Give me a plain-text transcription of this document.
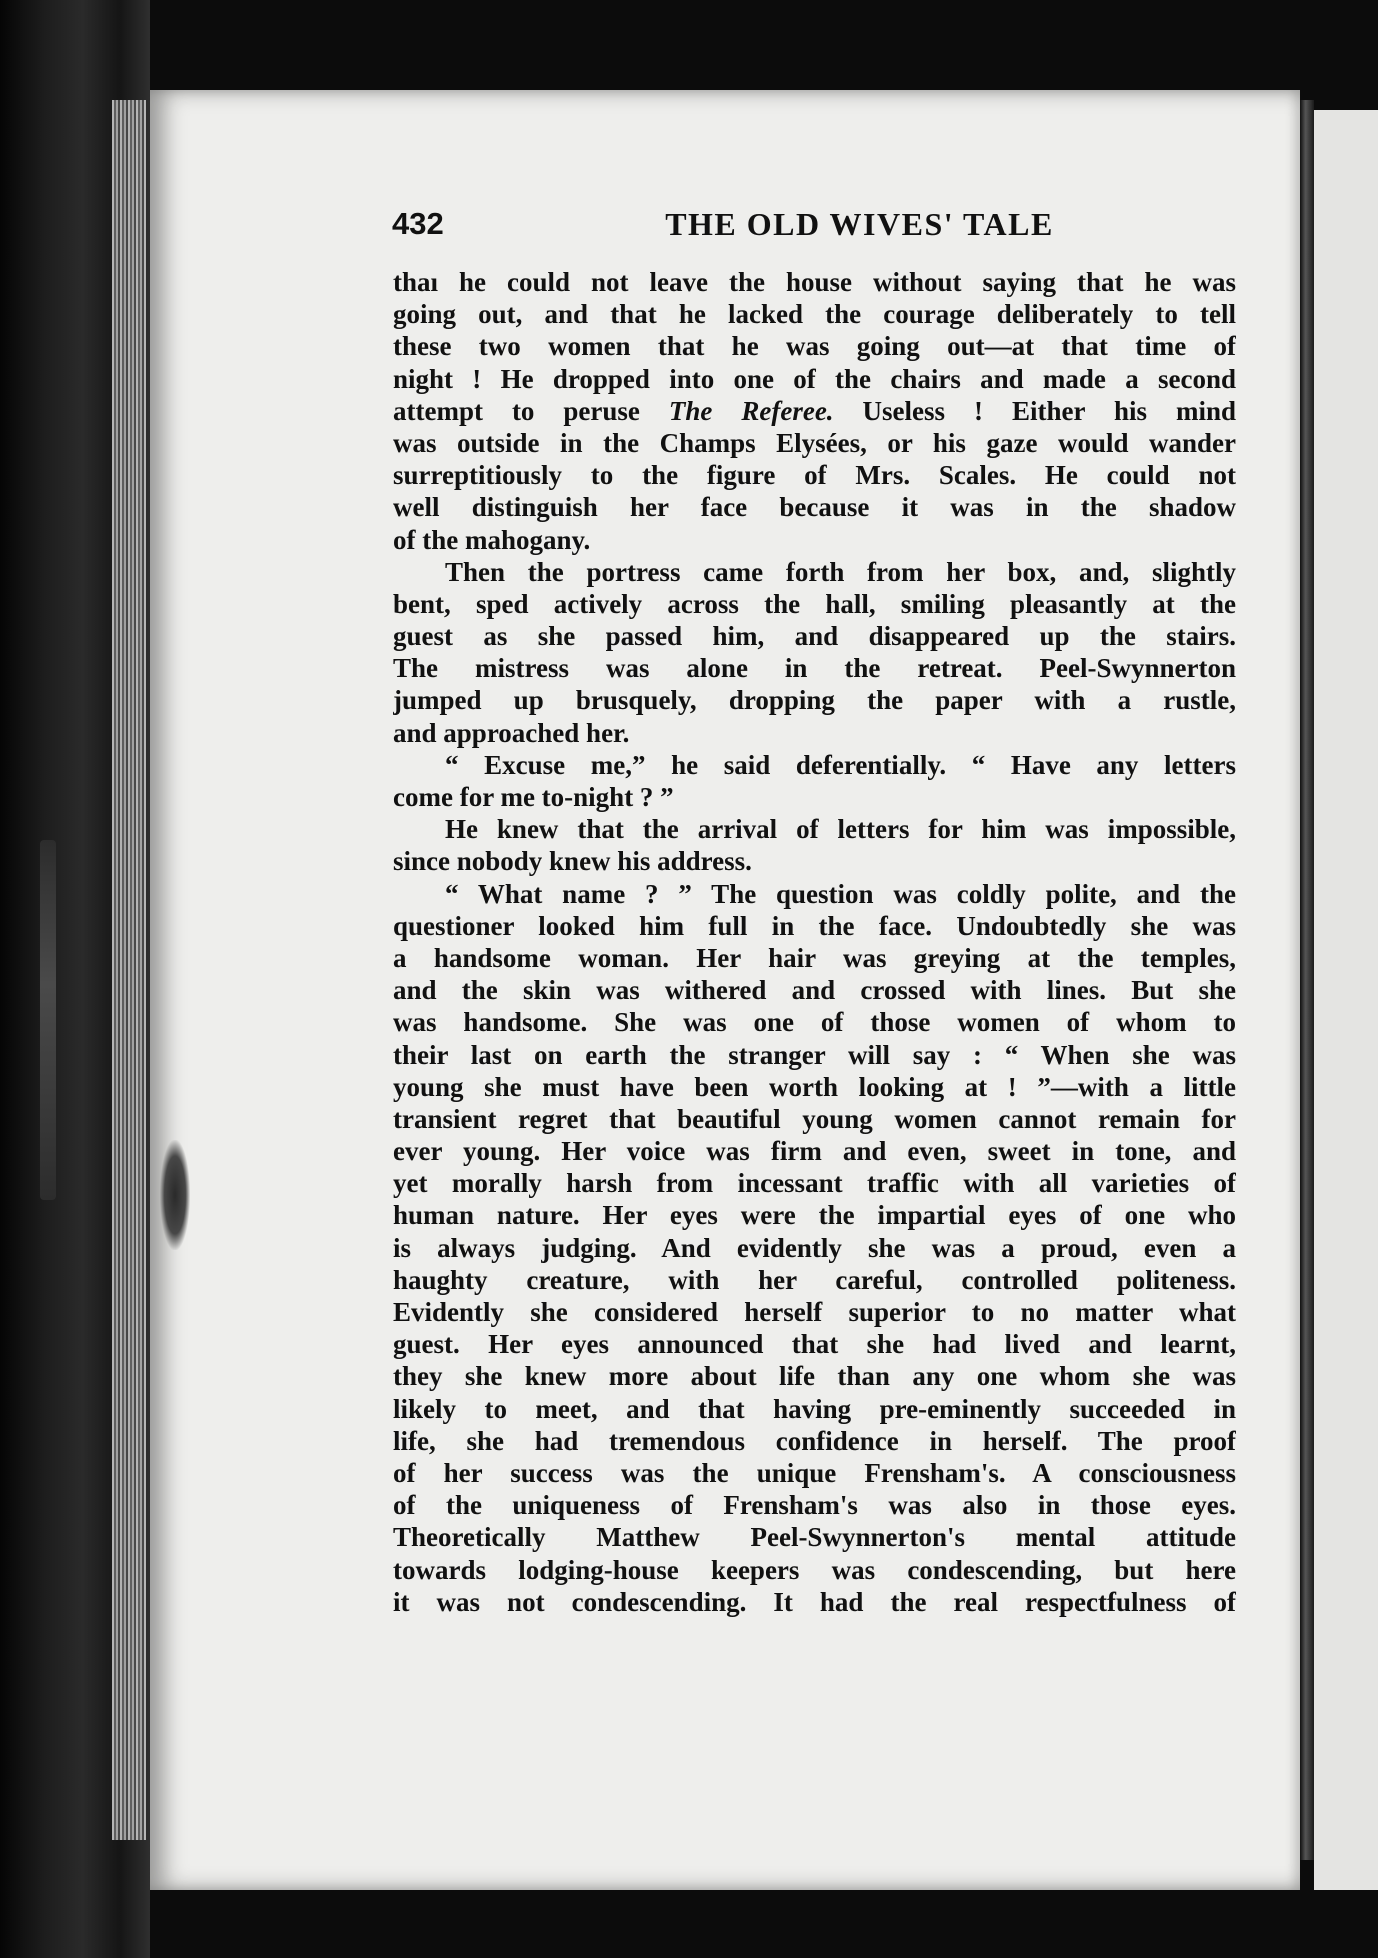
432	THE OLD WIVES' TALE
thaı he could not leave the house without saying that he was
going out, and that he lacked the courage deliberately to tell
these two women that he was going out—at that time of
night ! He dropped into one of the chairs and made a second
attempt to peruse The Referee. Useless ! Either his mind
was outside in the Champs Elysées, or his gaze would wander
surreptitiously to the figure of Mrs. Scales. He could not
well distinguish her face because it was in the shadow
of the mahogany.
Then the portress came forth from her box, and, slightly
bent, sped actively across the hall, smiling pleasantly at the
guest as she passed him, and disappeared up the stairs.
The mistress was alone in the retreat. Peel-Swynnerton
jumped up brusquely, dropping the paper with a rustle,
and approached her.
“ Excuse me,” he said deferentially. “ Have any letters
come for me to-night ? ”
He knew that the arrival of letters for him was impossible,
since nobody knew his address.
“ What name ? ” The question was coldly polite, and the
questioner looked him full in the face. Undoubtedly she was
a handsome woman. Her hair was greying at the temples,
and the skin was withered and crossed with lines. But she
was handsome. She was one of those women of whom to
their last on earth the stranger will say : “ When she was
young she must have been worth looking at ! ”—with a little
transient regret that beautiful young women cannot remain for
ever young. Her voice was firm and even, sweet in tone, and
yet morally harsh from incessant traffic with all varieties of
human nature. Her eyes were the impartial eyes of one who
is always judging. And evidently she was a proud, even a
haughty creature, with her careful, controlled politeness.
Evidently she considered herself superior to no matter what
guest. Her eyes announced that she had lived and learnt,
they she knew more about life than any one whom she was
likely to meet, and that having pre-eminently succeeded in
life, she had tremendous confidence in herself. The proof
of her success was the unique Frensham's. A consciousness
of the uniqueness of Frensham's was also in those eyes.
Theoretically Matthew Peel-Swynnerton's mental attitude
towards lodging-house keepers was condescending, but here
it was not condescending. It had the real respectfulness of
